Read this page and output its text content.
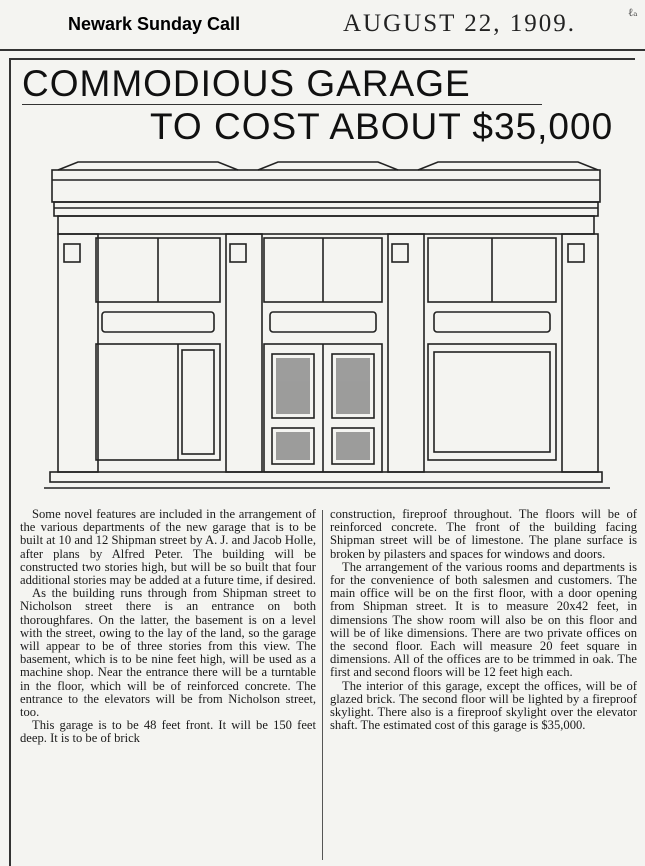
Newark Sunday Call	AUGUST 22, 1909.	ℓₐ
COMMODIOUS GARAGE
TO COST ABOUT $35,000

Some novel features are included in the arrangement of the various departments of the new garage that is to be built at 10 and 12 Shipman street by A. J. and Jacob Holle, after plans by Alfred Peter. The building will be constructed two stories high, but will be so built that four additional stories may be added at a future time, if desired.

As the building runs through from Shipman street to Nicholson street there is an entrance on both thoroughfares. On the latter, the basement is on a level with the street, owing to the lay of the land, so the garage will appear to be of three stories from this view. The basement, which is to be nine feet high, will be used as a machine shop. Near the entrance there will be a turntable in the floor, which will be of reinforced concrete. The entrance to the elevators will be from Nicholson street, too.

This garage is to be 48 feet front. It will be 150 feet deep. It is to be of brick

construction, fireproof throughout. The floors will be of reinforced concrete. The front of the building facing Shipman street will be of limestone. The plane surface is broken by pilasters and spaces for windows and doors.

The arrangement of the various rooms and departments is for the convenience of both salesmen and customers. The main office will be on the first floor, with a door opening from Shipman street. It is to measure 20x42 feet, in dimensions The show room will also be on this floor and will be of like dimensions. There are two private offices on the second floor. Each will measure 20 feet square in dimensions. All of the offices are to be trimmed in oak. The first and second floors will be 12 feet high each.

The interior of this garage, except the offices, will be of glazed brick. The second floor will be lighted by a fireproof skylight. There also is a fireproof skylight over the elevator shaft. The estimated cost of this garage is $35,000.
